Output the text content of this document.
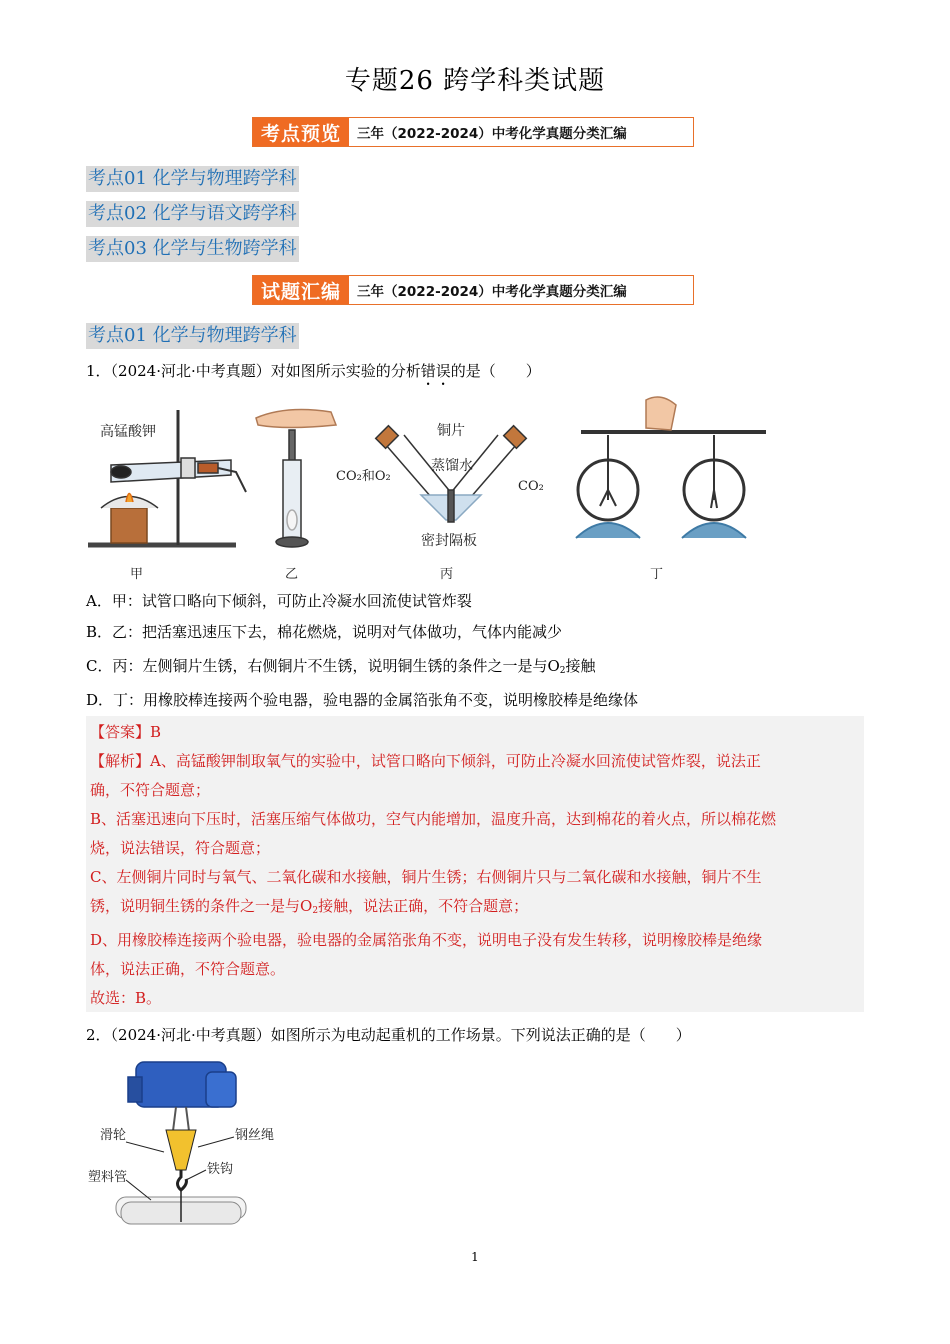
专题26 跨学科类试题
考点预览	三年（2022-2024）中考化学真题分类汇编
考点01 化学与物理跨学科
考点02 化学与语文跨学科
考点03 化学与生物跨学科
试题汇编	三年（2022-2024）中考化学真题分类汇编
考点01 化学与物理跨学科
1．（2024·河北·中考真题）对如图所示实验的分析错误的是（　　）
高锰酸钾	铜片
蒸馏水
CO₂和O₂
CO₂
密封隔板
甲	乙	丙	丁
A．甲：试管口略向下倾斜，可防止冷凝水回流使试管炸裂
B．乙：把活塞迅速压下去，棉花燃烧，说明对气体做功，气体内能减少
C．丙：左侧铜片生锈，右侧铜片不生锈，说明铜生锈的条件之一是与$O_2$接触
D．丁：用橡胶棒连接两个验电器，验电器的金属箔张角不变，说明橡胶棒是绝缘体

【答案】B

【解析】A、高锰酸钾制取氧气的实验中，试管口略向下倾斜，可防止冷凝水回流使试管炸裂，说法正

确，不符合题意；

B、活塞迅速向下压时，活塞压缩气体做功，空气内能增加，温度升高，达到棉花的着火点，所以棉花燃

烧，说法错误，符合题意；

C、左侧铜片同时与氧气、二氧化碳和水接触，铜片生锈；右侧铜片只与二氧化碳和水接触，铜片不生

锈，说明铜生锈的条件之一是与$O_2$接触，说法正确，不符合题意；

D、用橡胶棒连接两个验电器，验电器的金属箔张角不变，说明电子没有发生转移，说明橡胶棒是绝缘

体，说法正确，不符合题意。

故选：B。

2．（2024·河北·中考真题）如图所示为电动起重机的工作场景。下列说法正确的是（　　）
滑轮	钢丝绳
铁钩
塑料管
1
